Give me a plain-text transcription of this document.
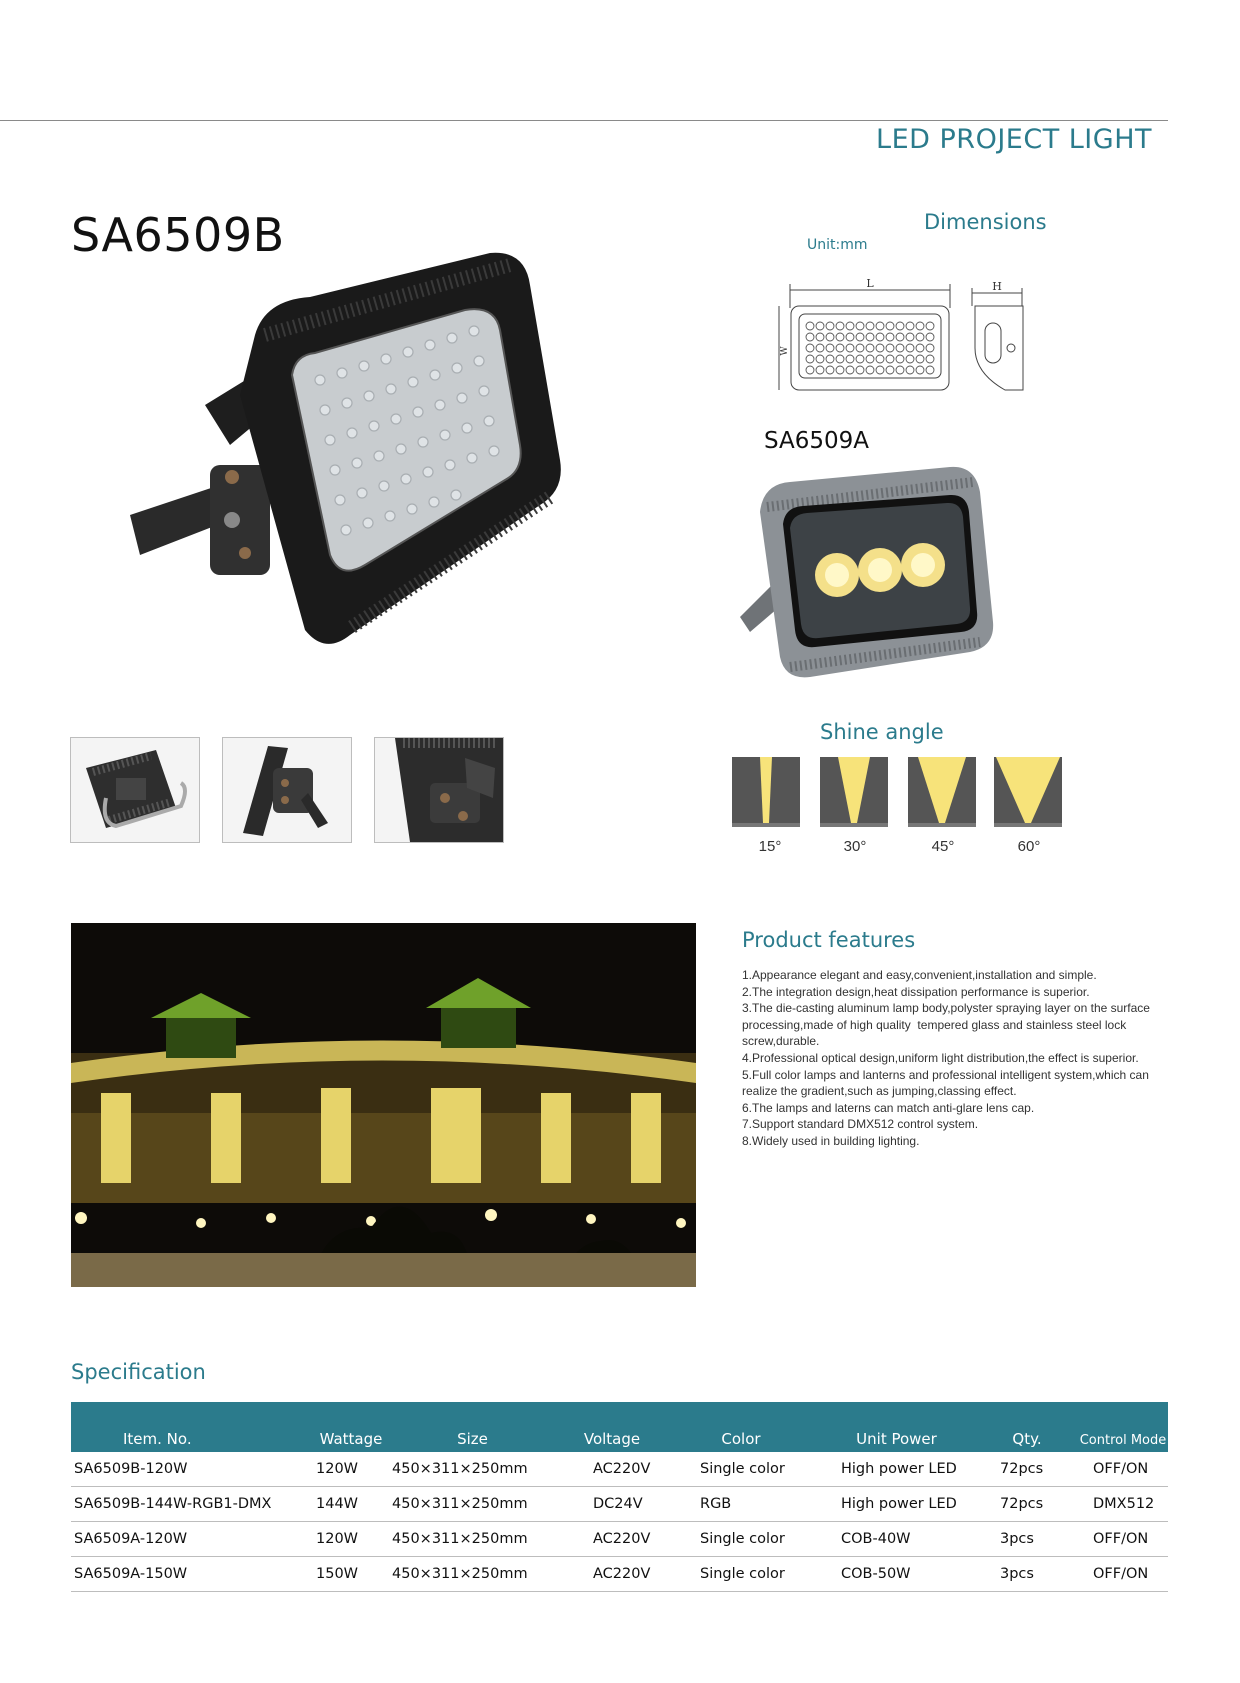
LED PROJECT LIGHT
SA6509B	Dimensions
Unit:mm
L	H
W
SA6509A
Shine angle
15°	30°	45°	60°
Product features
1.Appearance elegant and easy,convenient,installation and simple.
2.The integration design,heat dissipation performance is superior.
3.The die-casting aluminum lamp body,polyster spraying layer on the surface processing,made of high quality  tempered glass and stainless steel lock screw,durable.
4.Professional optical design,uniform light distribution,the effect is superior.
5.Full color lamps and lanterns and professional intelligent system,which can realize the gradient,such as jumping,classing effect.
6.The lamps and laterns can match anti-glare lens cap.
7.Support standard DMX512 control system.
8.Widely used in building lighting.
Specification
Item. No.	Wattage	Size	Voltage	Color	Unit Power	Qty.	Control Mode
SA6509B-120W	120W	450×311×250mm	AC220V	Single color	High power LED	72pcs	OFF/ON
SA6509B-144W-RGB1-DMX	144W	450×311×250mm	DC24V	RGB	High power LED	72pcs	DMX512
SA6509A-120W	120W	450×311×250mm	AC220V	Single color	COB-40W	3pcs	OFF/ON
SA6509A-150W	150W	450×311×250mm	AC220V	Single color	COB-50W	3pcs	OFF/ON
